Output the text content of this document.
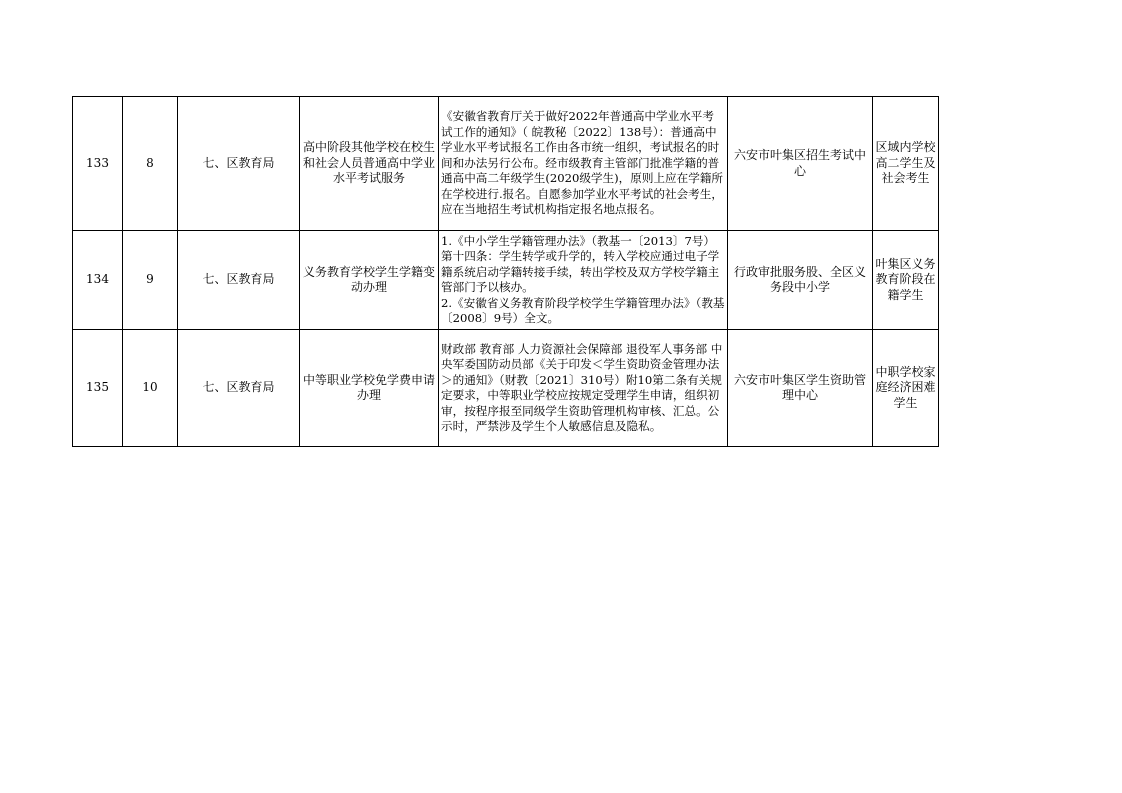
133	8	七、区教育局	高中阶段其他学校在校生和社会人员普通高中学业水平考试服务	《安徽省教育厅关于做好2022年普通高中学业水平考试工作的通知》（ 皖教秘〔2022〕138号）：普通高中学业水平考试报名工作由各市统一组织，考试报名的时间和办法另行公布。经市级教育主管部门批准学籍的普通高中高二年级学生(2020级学生)，原则上应在学籍所在学校进行.报名。自愿参加学业水平考试的社会考生，应在当地招生考试机构指定报名地点报名。	六安市叶集区招生考试中心	区域内学校高二学生及社会考生
134	9	七、区教育局	义务教育学校学生学籍变动办理	1.《中小学生学籍管理办法》（教基一〔2013〕7号）第十四条：学生转学或升学的，转入学校应通过电子学籍系统启动学籍转接手续，转出学校及双方学校学籍主管部门予以核办。
2.《安徽省义务教育阶段学校学生学籍管理办法》（教基〔2008〕9号）全文。	行政审批服务股、全区义务段中小学	叶集区义务教育阶段在籍学生
135	10	七、区教育局	中等职业学校免学费申请办理	财政部 教育部 人力资源社会保障部 退役军人事务部 中央军委国防动员部《关于印发＜学生资助资金管理办法＞的通知》（财教〔2021〕310号）附10第二条有关规定要求，中等职业学校应按规定受理学生申请，组织初审，按程序报至同级学生资助管理机构审核、汇总。公示时，严禁涉及学生个人敏感信息及隐私。	六安市叶集区学生资助管理中心	中职学校家庭经济困难学生
